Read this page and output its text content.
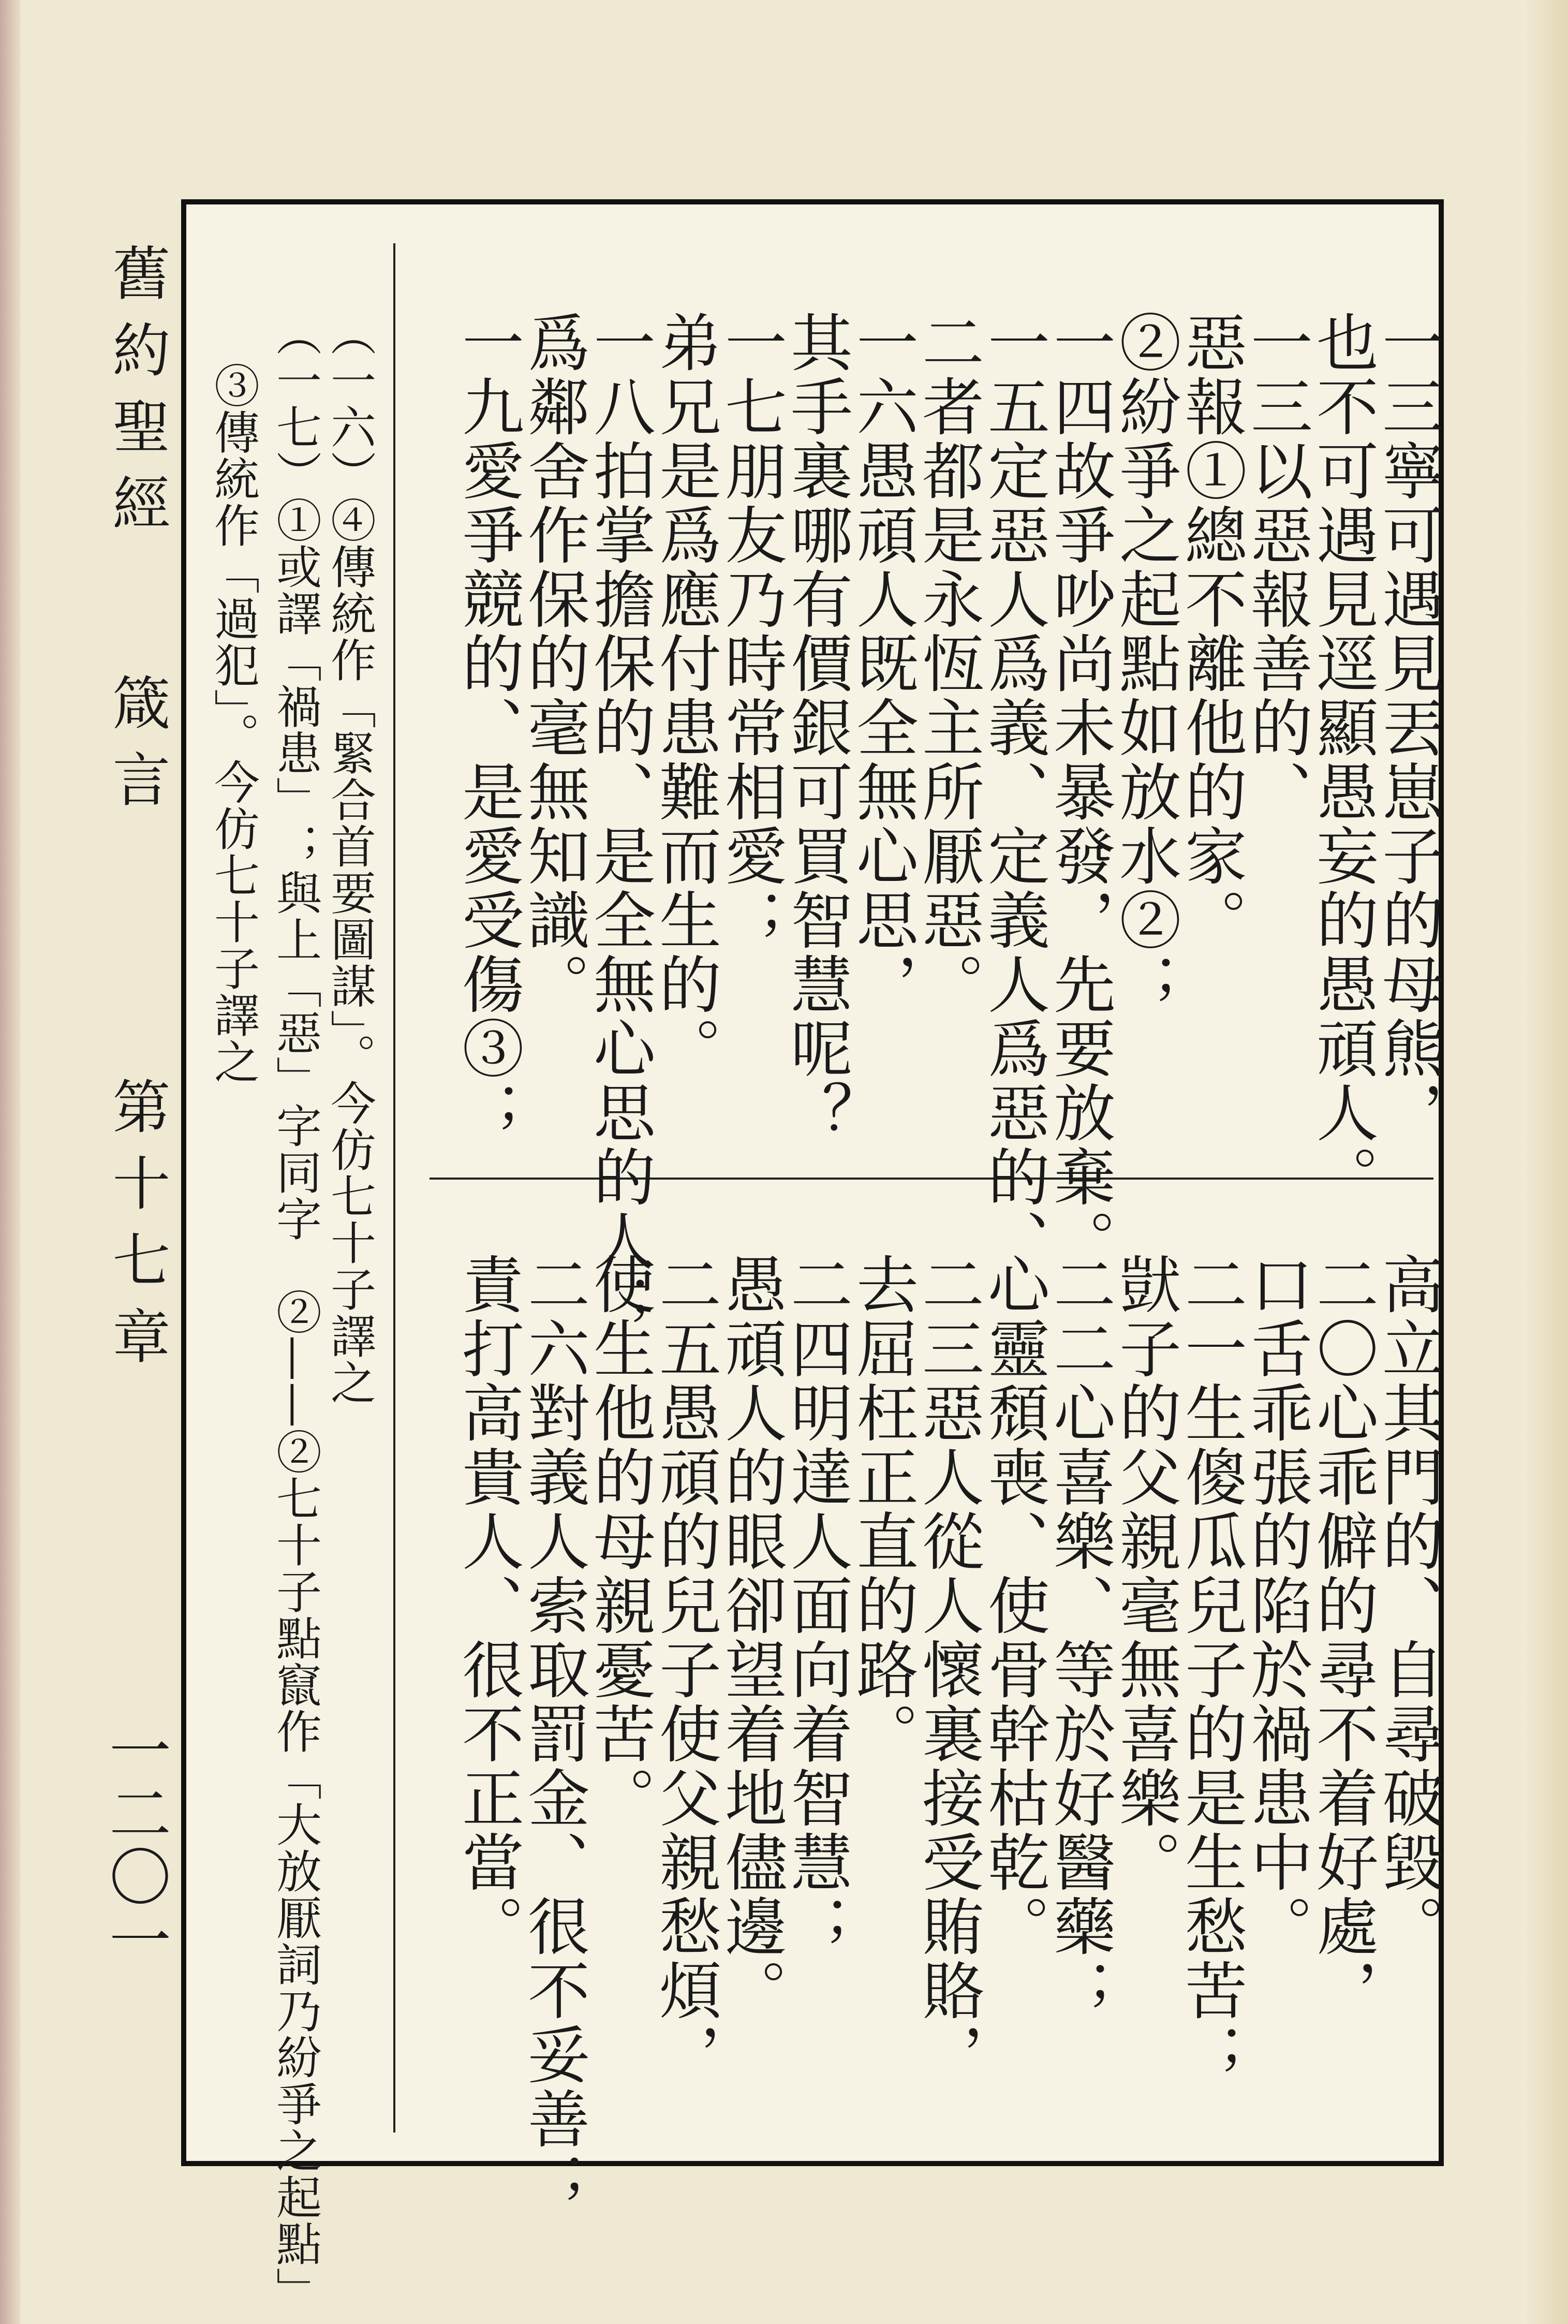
舊約聖經
箴言
第十七章
一二〇一
一三寧可遇見丟崽子的母熊，
也不可遇見逕顯愚妄的愚頑人。
一三以惡報善的、
惡報①總不離他的家。
②紛爭之起點如放水②；
一四故爭吵尚未暴發，先要放棄。
一五定惡人爲義、定義人爲惡的、
二者都是永恆主所厭惡。
一六愚頑人既全無心思，
其手裏哪有價銀可買智慧呢？
一七朋友乃時常相愛；
弟兄是爲應付患難而生的。
一八拍掌擔保的、是全無心思的人；
爲鄰舍作保的毫無知識。
一九愛爭競的、是愛受傷③；
高立其門的、自尋破毀。
二〇心乖僻的尋不着好處，
口舌乖張的陷於禍患中。
二一生傻瓜兒子的是生愁苦；
獃子的父親毫無喜樂。
二二心喜樂、等於好醫藥；
心靈頹喪、使骨幹枯乾。
二三惡人從人懷裏接受賄賂，
去屈枉正直的路。
二四明達人面向着智慧；
愚頑人的眼卻望着地儘邊。
二五愚頑的兒子使父親愁煩，
使生他的母親憂苦。
二六對義人索取罰金、很不妥善；
責打高貴人、很不正當。
（一六）④傳統作「緊合首要圖謀」。今仿七十子譯之
（一七）①或譯「禍患」；與上「惡」字同字　②——②七十子點竄作「大放厭詞乃紛爭之起點」
③傳統作「過犯」。今仿七十子譯之
